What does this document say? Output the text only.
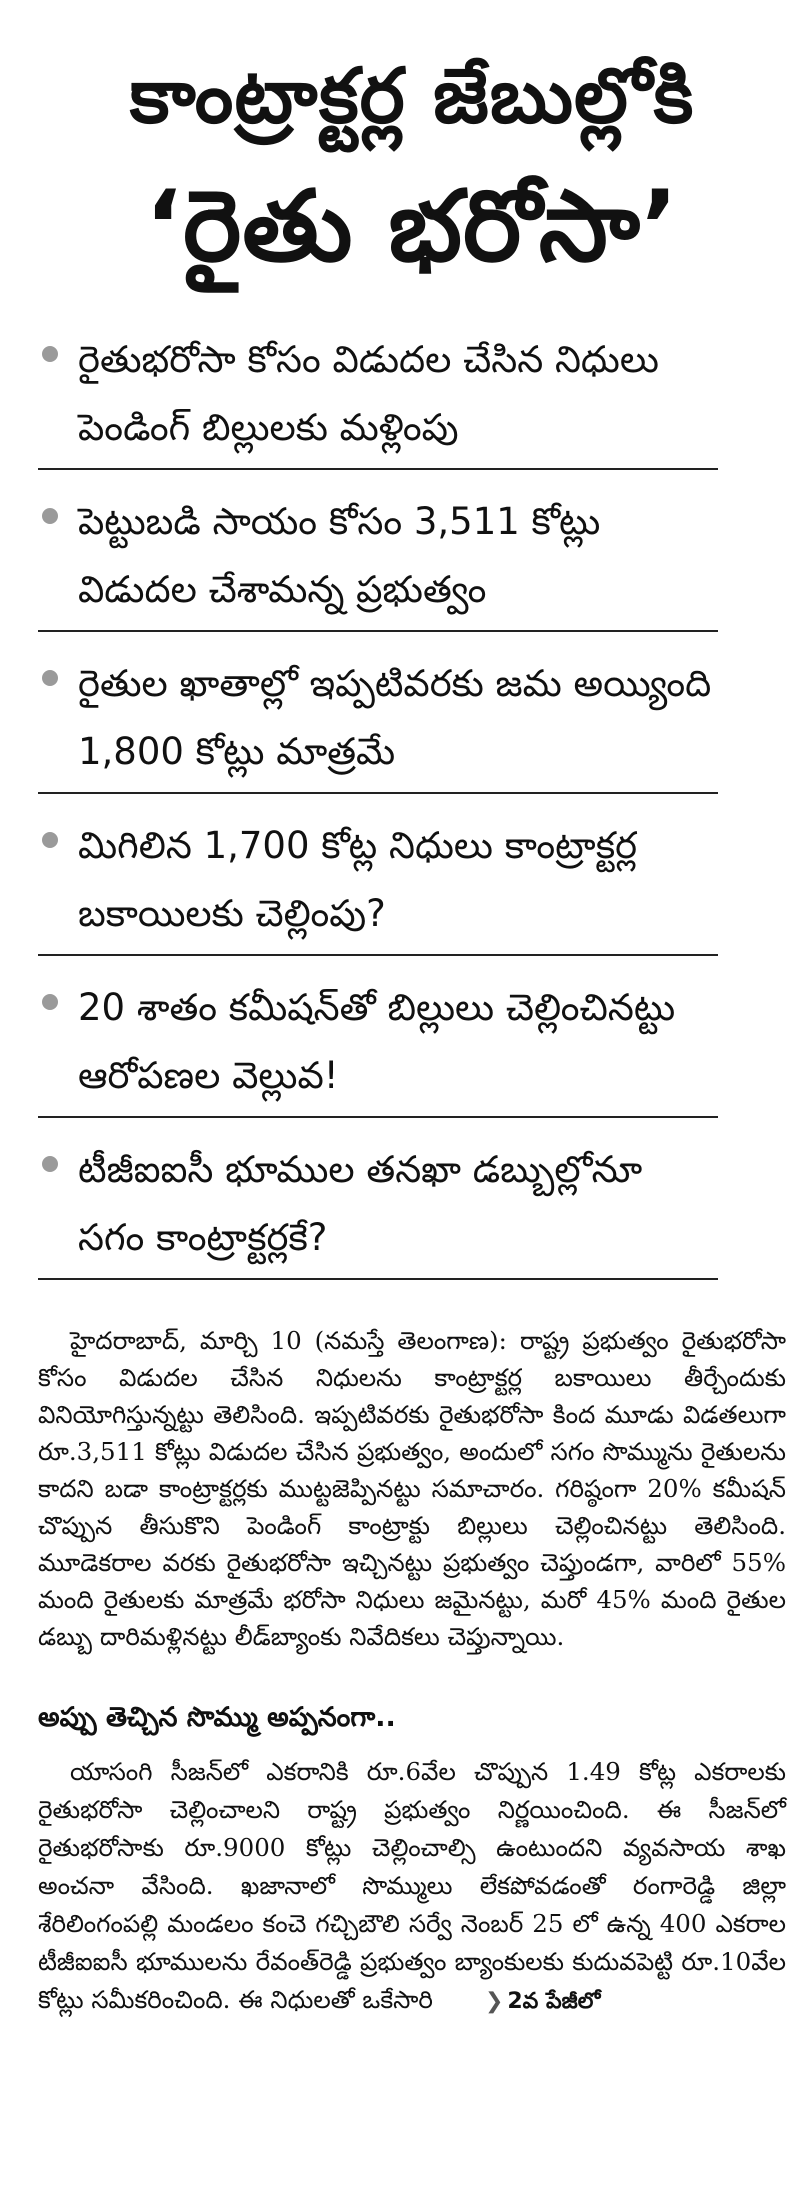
కాంట్రాక్టర్ల జేబుల్లోకి
‘రైతు భరోసా’
రైతుభరోసా కోసం విడుదల చేసిన నిధులు పెండింగ్ బిల్లులకు మళ్లింపు
పెట్టుబడి సాయం కోసం 3,511 కోట్లు విడుదల చేశామన్న ప్రభుత్వం
రైతుల ఖాతాల్లో ఇప్పటివరకు జమ అయ్యింది 1,800 కోట్లు మాత్రమే
మిగిలిన 1,700 కోట్ల నిధులు కాంట్రాక్టర్ల బకాయిలకు చెల్లింపు?
20 శాతం కమీషన్‌తో బిల్లులు చెల్లించినట్టు ఆరోపణల వెల్లువ!
టీజీఐఐసీ భూముల తనఖా డబ్బుల్లోనూ సగం కాంట్రాక్టర్లకే?

హైదరాబాద్, మార్చి 10 (నమస్తే తెలంగాణ): రాష్ట్ర ప్రభుత్వం రైతుభరోసా కోసం విడుదల చేసిన నిధులను కాంట్రాక్టర్ల బకాయిలు తీర్చేందుకు వినియోగిస్తున్నట్టు తెలిసింది. ఇప్పటివరకు రైతుభరోసా కింద మూడు విడతలుగా రూ.3,511 కోట్లు విడుదల చేసిన ప్రభుత్వం, అందులో సగం సొమ్మును రైతులను కాదని బడా కాంట్రాక్టర్లకు ముట్టజెప్పినట్టు సమాచారం. గరిష్ఠంగా 20% కమీషన్ చొప్పున తీసుకొని పెండింగ్ కాంట్రాక్టు బిల్లులు చెల్లించినట్టు తెలిసింది. మూడెకరాల వరకు రైతుభరోసా ఇచ్చినట్టు ప్రభుత్వం చెప్తుండగా, వారిలో 55% మంది రైతులకు మాత్రమే భరోసా నిధులు జమైనట్టు, మరో 45% మంది రైతుల డబ్బు దారిమళ్లినట్టు లీడ్‌బ్యాంకు నివేదికలు చెప్తున్నాయి.

అప్పు తెచ్చిన సొమ్ము అప్పనంగా..

యాసంగి సీజన్‌లో ఎకరానికి రూ.6వేల చొప్పున 1.49 కోట్ల ఎకరాలకు రైతుభరోసా చెల్లించాలని రాష్ట్ర ప్రభుత్వం నిర్ణయించింది. ఈ సీజన్‌లో రైతుభరోసాకు రూ.9000 కోట్లు చెల్లించాల్సి ఉంటుందని వ్యవసాయ శాఖ అంచనా వేసింది. ఖజానాలో సొమ్ములు లేకపోవడంతో రంగారెడ్డి జిల్లా శేరిలింగంపల్లి మండలం కంచె గచ్చిబౌలి సర్వే నెంబర్ 25 లో ఉన్న 400 ఎకరాల టీజీఐఐసీ భూములను రేవంత్‌రెడ్డి ప్రభుత్వం బ్యాంకులకు కుదువపెట్టి రూ.10వేల కోట్లు సమీకరించింది. ఈ నిధులతో ఒకేసారి ❯ 2వ పేజీలో
